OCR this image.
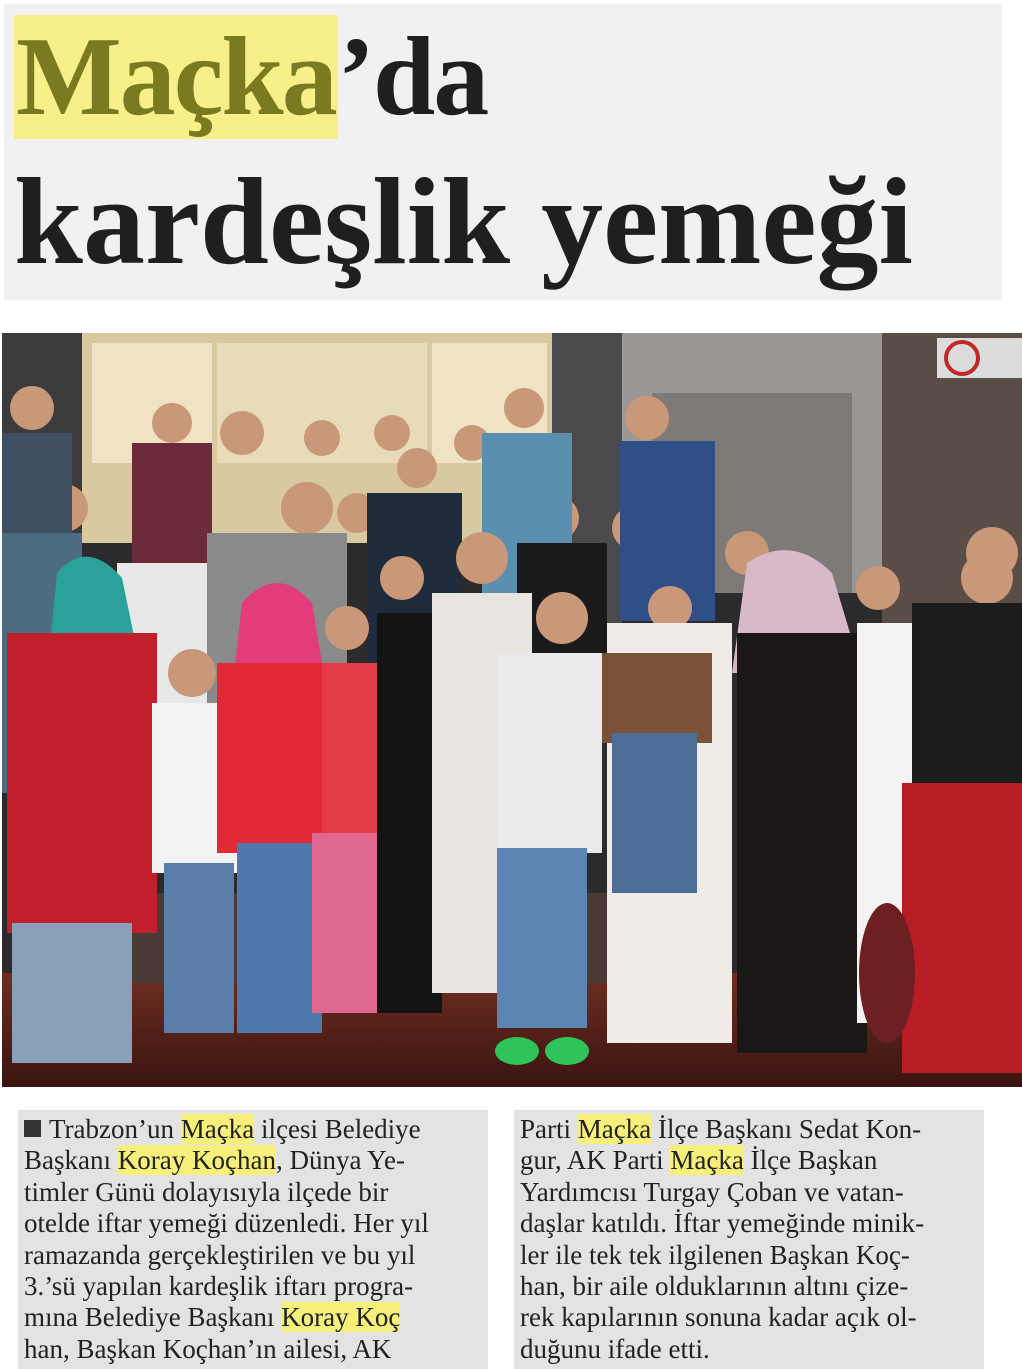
Maçka’da
kardeşlik yemeği
Trabzon’un Maçka ilçesi Belediye
Başkanı Koray Koçhan, Dünya Ye-
timler Günü dolayısıyla ilçede bir
otelde iftar yemeği düzenledi. Her yıl
ramazanda gerçekleştirilen ve bu yıl
3.’sü yapılan kardeşlik iftarı progra-
mına Belediye Başkanı Koray Koç
han, Başkan Koçhan’ın ailesi, AK
Parti Maçka İlçe Başkanı Sedat Kon-
gur, AK Parti Maçka İlçe Başkan
Yardımcısı Turgay Çoban ve vatan-
daşlar katıldı. İftar yemeğinde minik-
ler ile tek tek ilgilenen Başkan Koç-
han, bir aile olduklarının altını çize-
rek kapılarının sonuna kadar açık ol-
duğunu ifade etti.
